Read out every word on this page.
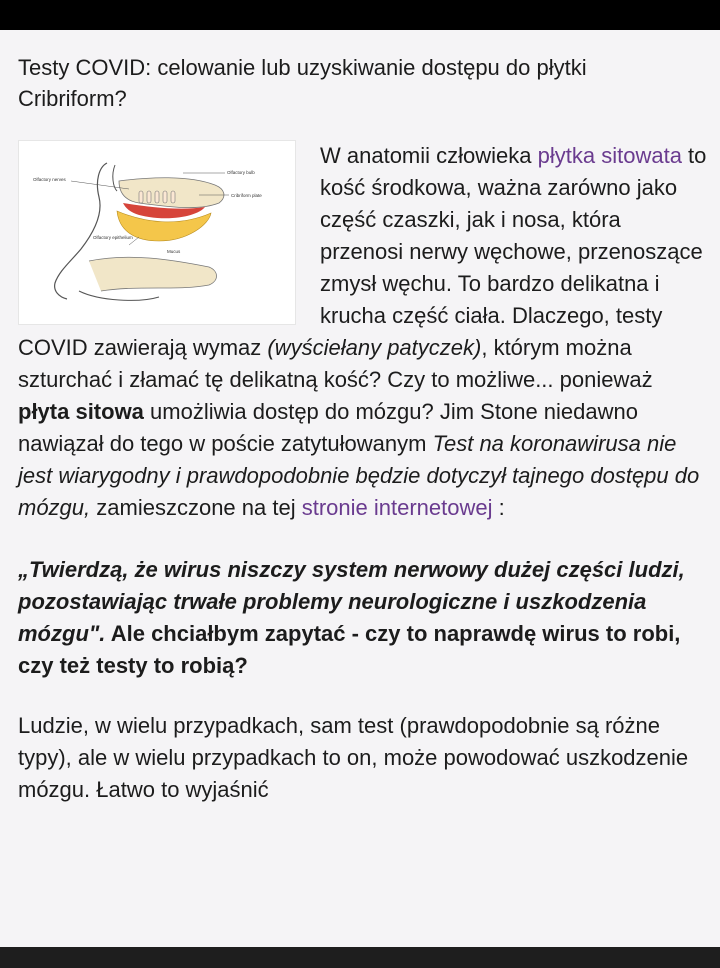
Testy COVID: celowanie lub uzyskiwanie dostępu do płytki Cribriform?

Olfactory nerves
Olfactory bulb
Cribriform plate
Olfactory epithelium
Mucus
W anatomii człowieka płytka sitowata to kość środkowa, ważna zarówno jako część czaszki, jak i nosa, która przenosi nerwy węchowe, przenoszące zmysł węchu. To bardzo delikatna i krucha część ciała. Dlaczego, testy COVID zawierają wymaz (wyściełany patyczek), którym można szturchać i złamać tę delikatną kość? Czy to możliwe... ponieważ płyta sitowa umożliwia dostęp do mózgu? Jim Stone niedawno nawiązał do tego w poście zatytułowanym Test na koronawirusa nie jest wiarygodny i prawdopodobnie będzie dotyczył tajnego dostępu do mózgu, zamieszczone na tej stronie internetowej :
„Twierdzą, że wirus niszczy system nerwowy dużej części ludzi, pozostawiając trwałe problemy neurologiczne i uszkodzenia mózgu". Ale chciałbym zapytać - czy to naprawdę wirus to robi, czy też testy to robią?
Ludzie, w wielu przypadkach, sam test (prawdopodobnie są różne typy), ale w wielu przypadkach to on, może powodować uszkodzenie mózgu. Łatwo to wyjaśnić
